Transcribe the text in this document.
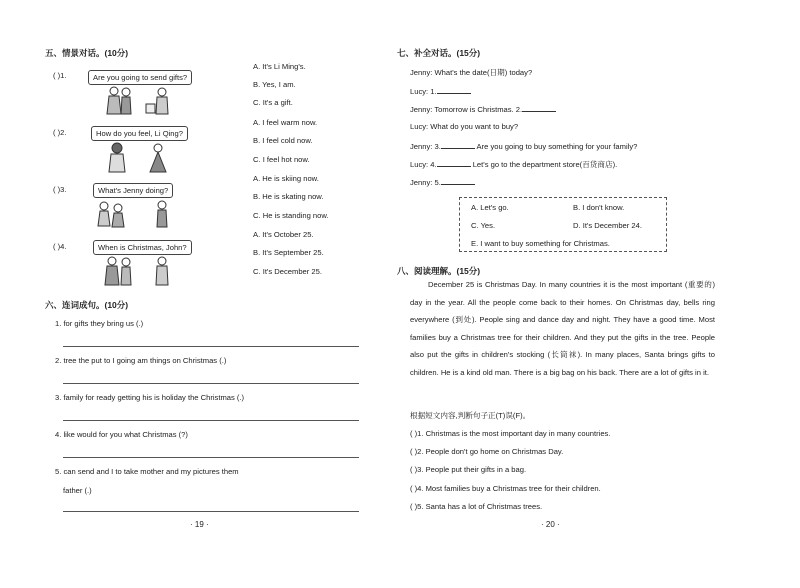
五、情景对话。(10分)
( )1.	Are you going to send gifts?
( )2.	How do you feel, Li Qing?
( )3.	What's Jenny doing?
( )4.	When is Christmas, John?
A. It's Li Ming's.
B. Yes, I am.
C. It's a gift.
A. I feel warm now.
B. I feel cold now.
C. I feel hot now.
A. He is skiing now.
B. He is skating now.
C. He is standing now.
A. It's October 25.
B. It's September 25.
C. It's December 25.
六、连词成句。(10分)
1. for gifts they bring us (.)
2. tree the put to I going am things on Christmas (.)
3. family for ready getting his is holiday the Christmas (.)
4. like would for you what Christmas (?)
5. can send and I to take mother and my pictures them
father (.)
· 19 ·
七、补全对话。(15分)
Jenny: What's the date(日期) today?
Lucy: 1.
Jenny: Tomorrow is Christmas. 2.
Lucy: What do you want to buy?
Jenny: 3.	Are you going to buy something for your family?
Lucy: 4.	Let's go to the department store(百货商店).
Jenny: 5.
A. Let's go.	B. I don't know.
C. Yes.	D. It's December 24.
E. I want to buy something for Christmas.
八、阅读理解。(15分)
December 25 is Christmas Day. In many countries it is the most important (重要的) day in the year. All the people come back to their homes. On Christmas day, bells ring everywhere (到处). People sing and dance day and night. They have a good time. Most families buy a Christmas tree for their children. And they put the gifts in the tree. People also put the gifts in children's stocking (长筒袜). In many places, Santa brings gifts to children. He is a kind old man. There is a big bag on his back. There are a lot of gifts in it.
根据短文内容,判断句子正(T)误(F)。
( )1. Christmas is the most important day in many countries.
( )2. People don't go home on Christmas Day.
( )3. People put their gifts in a bag.
( )4. Most families buy a Christmas tree for their children.
( )5. Santa has a lot of Christmas trees.
· 20 ·
